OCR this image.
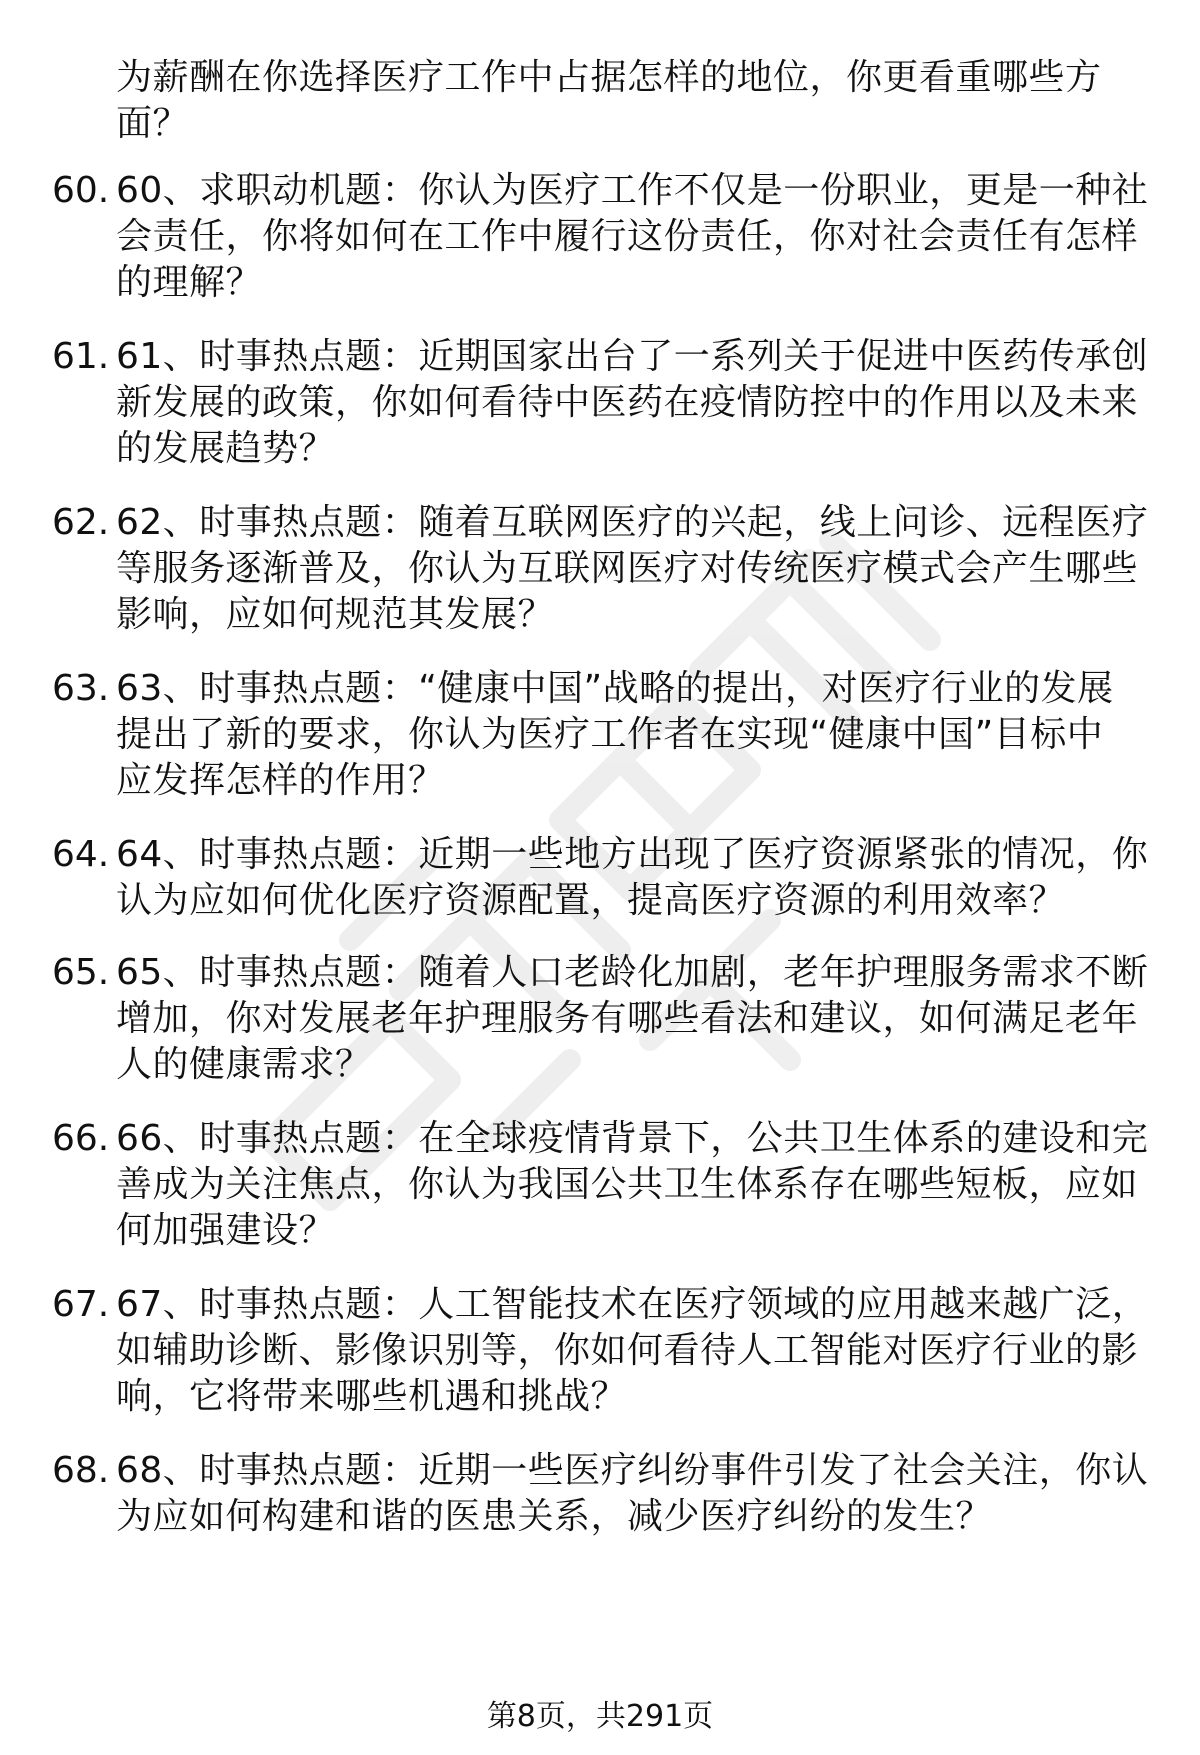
为薪酬在你选择医疗工作中占据怎样的地位，你更看重哪些方
面？
60. 60、求职动机题：你认为医疗工作不仅是一份职业，更是一种社
会责任，你将如何在工作中履行这份责任，你对社会责任有怎样
的理解？
61. 61、时事热点题：近期国家出台了一系列关于促进中医药传承创
新发展的政策，你如何看待中医药在疫情防控中的作用以及未来
的发展趋势？
62. 62、时事热点题：随着互联网医疗的兴起，线上问诊、远程医疗
等服务逐渐普及，你认为互联网医疗对传统医疗模式会产生哪些
影响，应如何规范其发展？
63. 63、时事热点题：“健康中国”战略的提出，对医疗行业的发展
提出了新的要求，你认为医疗工作者在实现“健康中国”目标中
应发挥怎样的作用？
64. 64、时事热点题：近期一些地方出现了医疗资源紧张的情况，你
认为应如何优化医疗资源配置，提高医疗资源的利用效率？
65. 65、时事热点题：随着人口老龄化加剧，老年护理服务需求不断
增加，你对发展老年护理服务有哪些看法和建议，如何满足老年
人的健康需求？
66. 66、时事热点题：在全球疫情背景下，公共卫生体系的建设和完
善成为关注焦点，你认为我国公共卫生体系存在哪些短板，应如
何加强建设？
67. 67、时事热点题：人工智能技术在医疗领域的应用越来越广泛，
如辅助诊断、影像识别等，你如何看待人工智能对医疗行业的影
响，它将带来哪些机遇和挑战？
68. 68、时事热点题：近期一些医疗纠纷事件引发了社会关注，你认
为应如何构建和谐的医患关系，减少医疗纠纷的发生？
第8页，共291页
